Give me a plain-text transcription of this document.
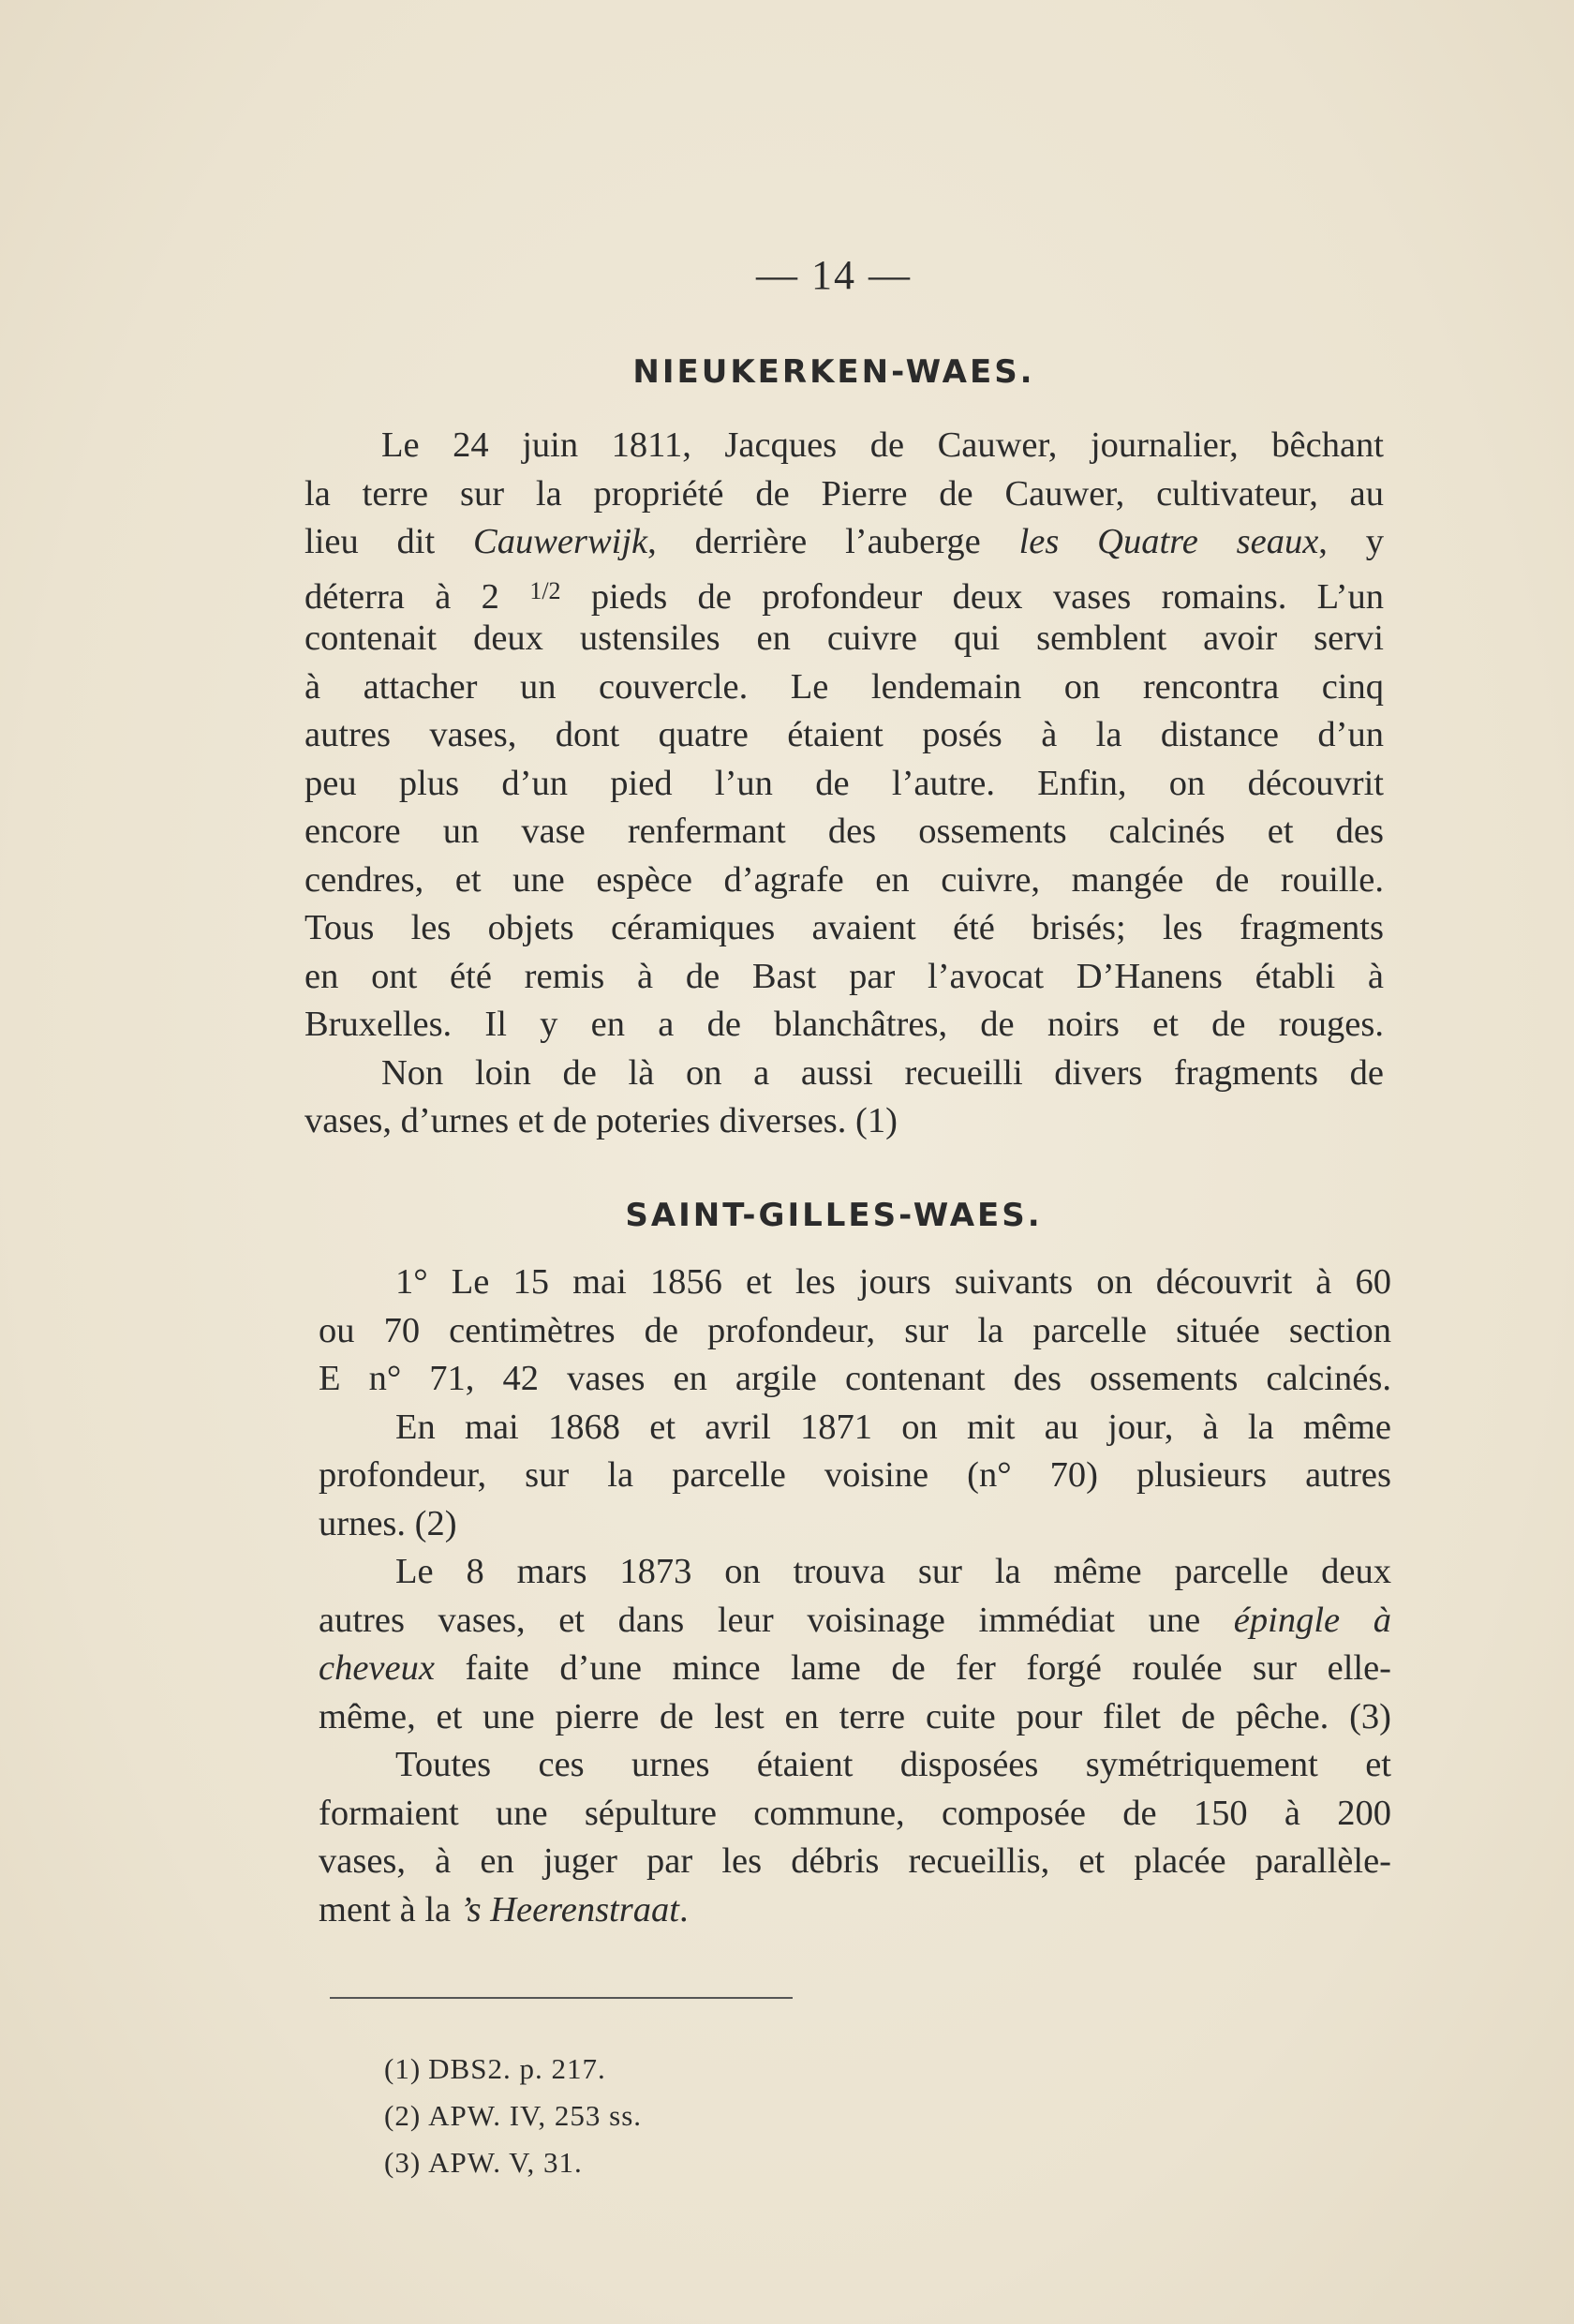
— 14 —
NIEUKERKEN-WAES.
Le 24 juin 1811, Jacques de Cauwer, journalier, bêchant
la terre sur la propriété de Pierre de Cauwer, cultivateur, au
lieu dit Cauwerwijk, derrière l’auberge les Quatre seaux, y
déterra à 2 $^{1/2}$ pieds de profondeur deux vases romains. L’un
contenait deux ustensiles en cuivre qui semblent avoir servi
à attacher un couvercle. Le lendemain on rencontra cinq
autres vases, dont quatre étaient posés à la distance d’un
peu plus d’un pied l’un de l’autre. Enfin, on découvrit
encore un vase renfermant des ossements calcinés et des
cendres, et une espèce d’agrafe en cuivre, mangée de rouille.
Tous les objets céramiques avaient été brisés; les fragments
en ont été remis à de Bast par l’avocat D’Hanens établi à
Bruxelles. Il y en a de blanchâtres, de noirs et de rouges.
Non loin de là on a aussi recueilli divers fragments de
vases, d’urnes et de poteries diverses. (1)
SAINT-GILLES-WAES.
1° Le 15 mai 1856 et les jours suivants on découvrit à 60
ou 70 centimètres de profondeur, sur la parcelle située section
E n° 71, 42 vases en argile contenant des ossements calcinés.
En mai 1868 et avril 1871 on mit au jour, à la même
profondeur, sur la parcelle voisine (n° 70) plusieurs autres
urnes. (2)
Le 8 mars 1873 on trouva sur la même parcelle deux
autres vases, et dans leur voisinage immédiat une épingle à
cheveux faite d’une mince lame de fer forgé roulée sur elle-
même, et une pierre de lest en terre cuite pour filet de pêche. (3)
Toutes ces urnes étaient disposées symétriquement et
formaient une sépulture commune, composée de 150 à 200
vases, à en juger par les débris recueillis, et placée parallèle-
ment à la ’s Heerenstraat.
(1) DBS2. p. 217.
(2) APW. IV, 253 ss.
(3) APW. V, 31.
